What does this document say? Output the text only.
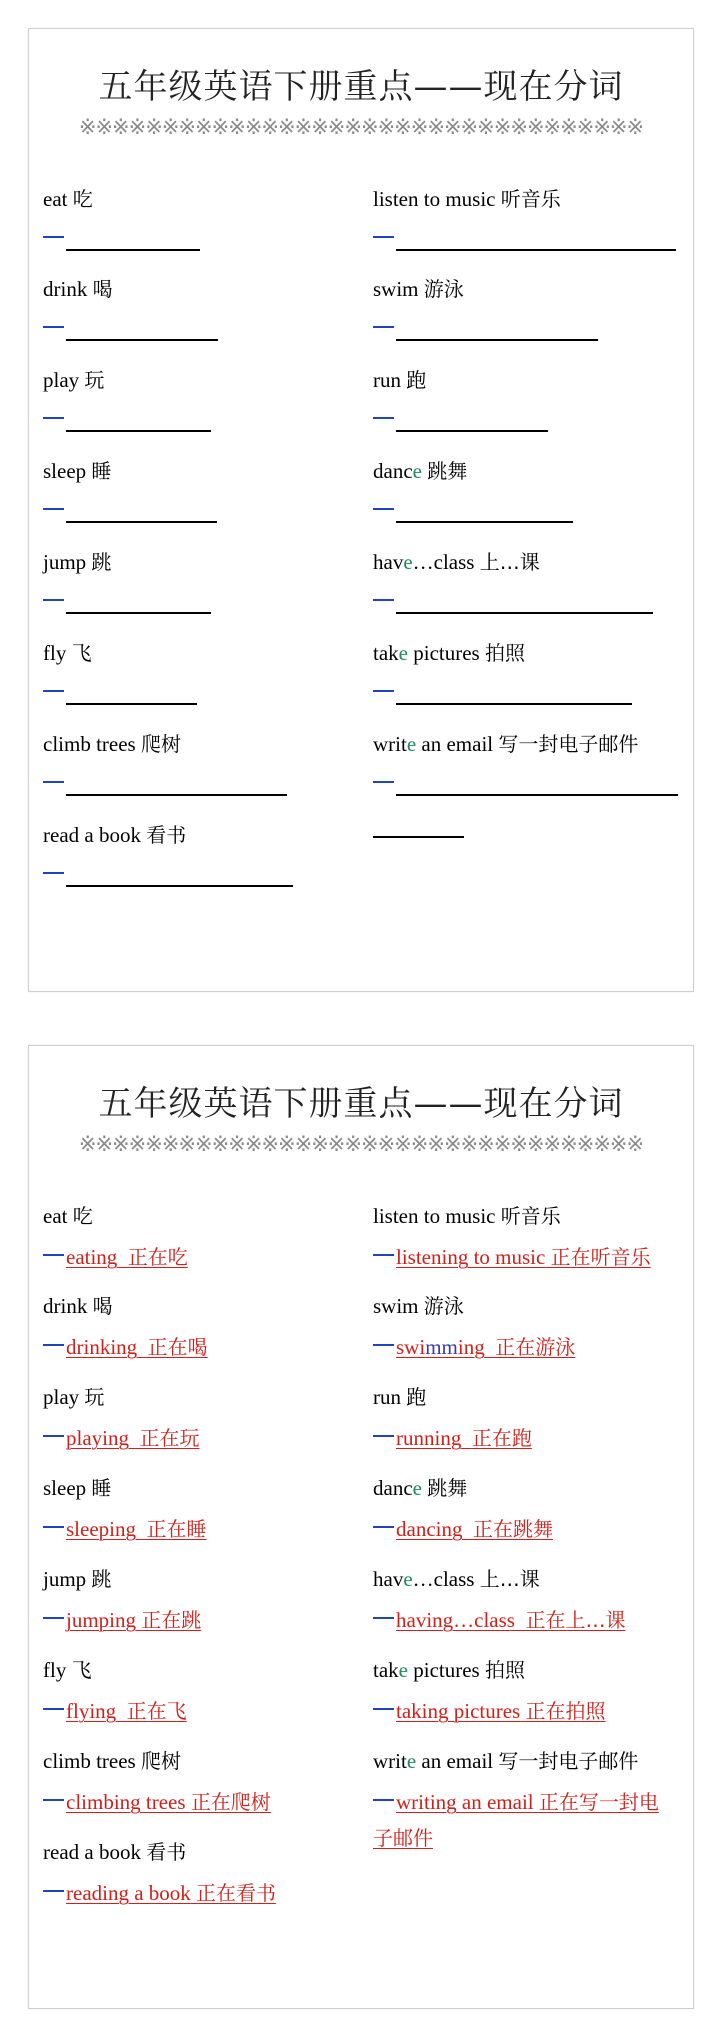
五年级英语下册重点——现在分词
※※※※※※※※※※※※※※※※※※※※※※※※※※※※※※※※※※
eat 吃
drink 喝
play 玩
sleep 睡
jump 跳
fly 飞
climb trees 爬树
read a book 看书
listen to music 听音乐
swim 游泳
run 跑
dance 跳舞
have…class 上…课
take pictures 拍照
write an email 写一封电子邮件
五年级英语下册重点——现在分词
※※※※※※※※※※※※※※※※※※※※※※※※※※※※※※※※※※
eat 吃
eating 正在吃
drink 喝
drinking 正在喝
play 玩
playing 正在玩
sleep 睡
sleeping 正在睡
jump 跳
jumping 正在跳
fly 飞
flying 正在飞
climb trees 爬树
climbing trees 正在爬树
read a book 看书
reading a book 正在看书
listen to music 听音乐
listening to music 正在听音乐
swim 游泳
swimming 正在游泳
run 跑
running 正在跑
dance 跳舞
dancing 正在跳舞
have…class 上…课
having…class 正在上…课
take pictures 拍照
taking pictures 正在拍照
write an email 写一封电子邮件
writing an email 正在写一封电子邮件
